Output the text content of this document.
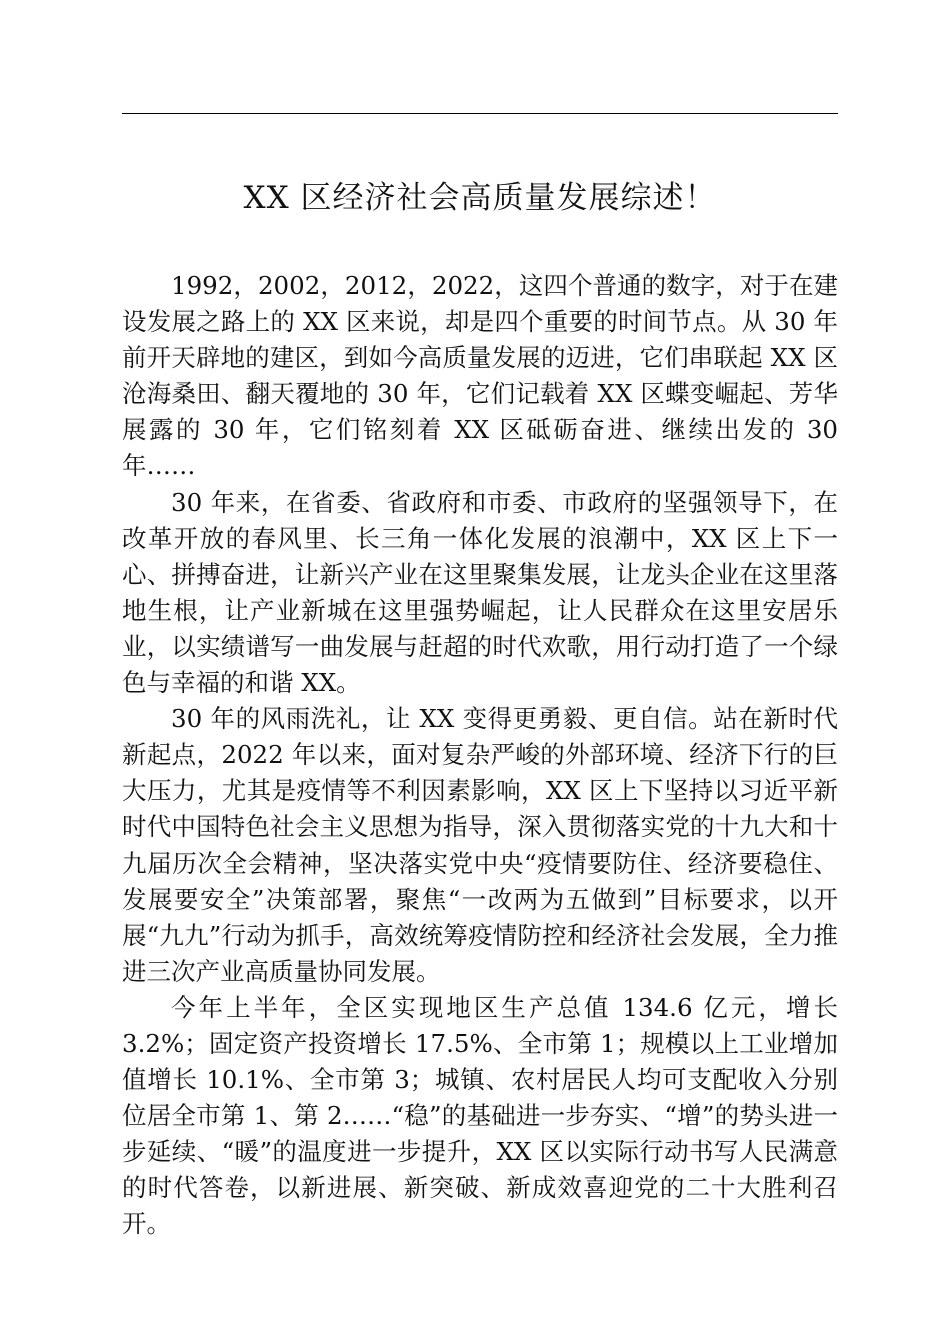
XX 区经济社会高质量发展综述！

1992，2002，2012，2022，这四个普通的数字，对于在建设发展之路上的 XX 区来说，却是四个重要的时间节点。从 30 年前开天辟地的建区，到如今高质量发展的迈进，它们串联起 XX 区沧海桑田、翻天覆地的 30 年，它们记载着 XX 区蝶变崛起、芳华展露的 30 年，它们铭刻着 XX 区砥砺奋进、继续出发的 30 年……

30 年来，在省委、省政府和市委、市政府的坚强领导下，在改革开放的春风里、长三角一体化发展的浪潮中，XX 区上下一心、拼搏奋进，让新兴产业在这里聚集发展，让龙头企业在这里落地生根，让产业新城在这里强势崛起，让人民群众在这里安居乐业，以实绩谱写一曲发展与赶超的时代欢歌，用行动打造了一个绿色与幸福的和谐 XX。

30 年的风雨洗礼，让 XX 变得更勇毅、更自信。站在新时代新起点，2022 年以来，面对复杂严峻的外部环境、经济下行的巨大压力，尤其是疫情等不利因素影响，XX 区上下坚持以习近平新时代中国特色社会主义思想为指导，深入贯彻落实党的十九大和十九届历次全会精神，坚决落实党中央“疫情要防住、经济要稳住、发展要安全”决策部署，聚焦“一改两为五做到”目标要求，以开展“九九”行动为抓手，高效统筹疫情防控和经济社会发展，全力推进三次产业高质量协同发展。

今年上半年，全区实现地区生产总值 134.6 亿元，增长 3.2%；固定资产投资增长 17.5%、全市第 1；规模以上工业增加值增长 10.1%、全市第 3；城镇、农村居民人均可支配收入分别位居全市第 1、第 2……“稳”的基础进一步夯实、“增”的势头进一步延续、“暖”的温度进一步提升，XX 区以实际行动书写人民满意的时代答卷，以新进展、新突破、新成效喜迎党的二十大胜利召开。
